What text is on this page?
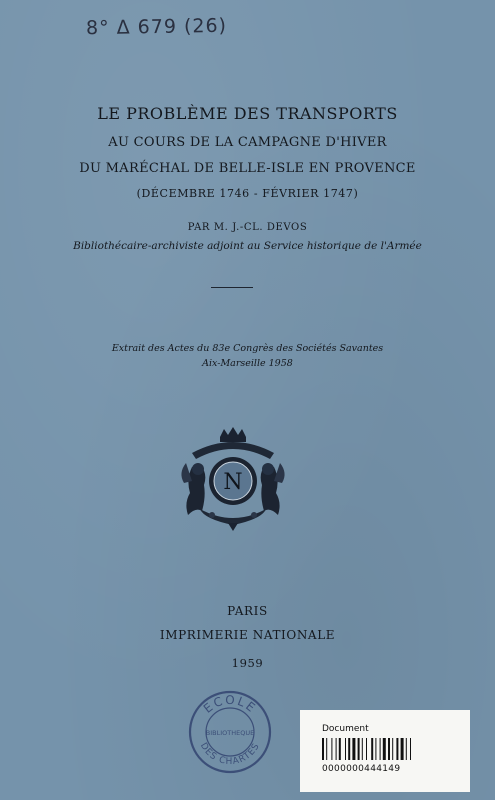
8° Δ 679 (26)
LE PROBLÈME DES TRANSPORTS
AU COURS DE LA CAMPAGNE D'HIVER
DU MARÉCHAL DE BELLE-ISLE EN PROVENCE
(DÉCEMBRE 1746 - FÉVRIER 1747)
PAR M. J.-CL. DEVOS
Bibliothécaire-archiviste adjoint au Service historique de l'Armée
Extrait des Actes du 83e Congrès des Sociétés Savantes
Aix-Marseille 1958
N
PARIS
IMPRIMERIE NATIONALE
1959
ECOLE
BIBLIOTHEQUE
DES CHARTES
Document
0000000444149
